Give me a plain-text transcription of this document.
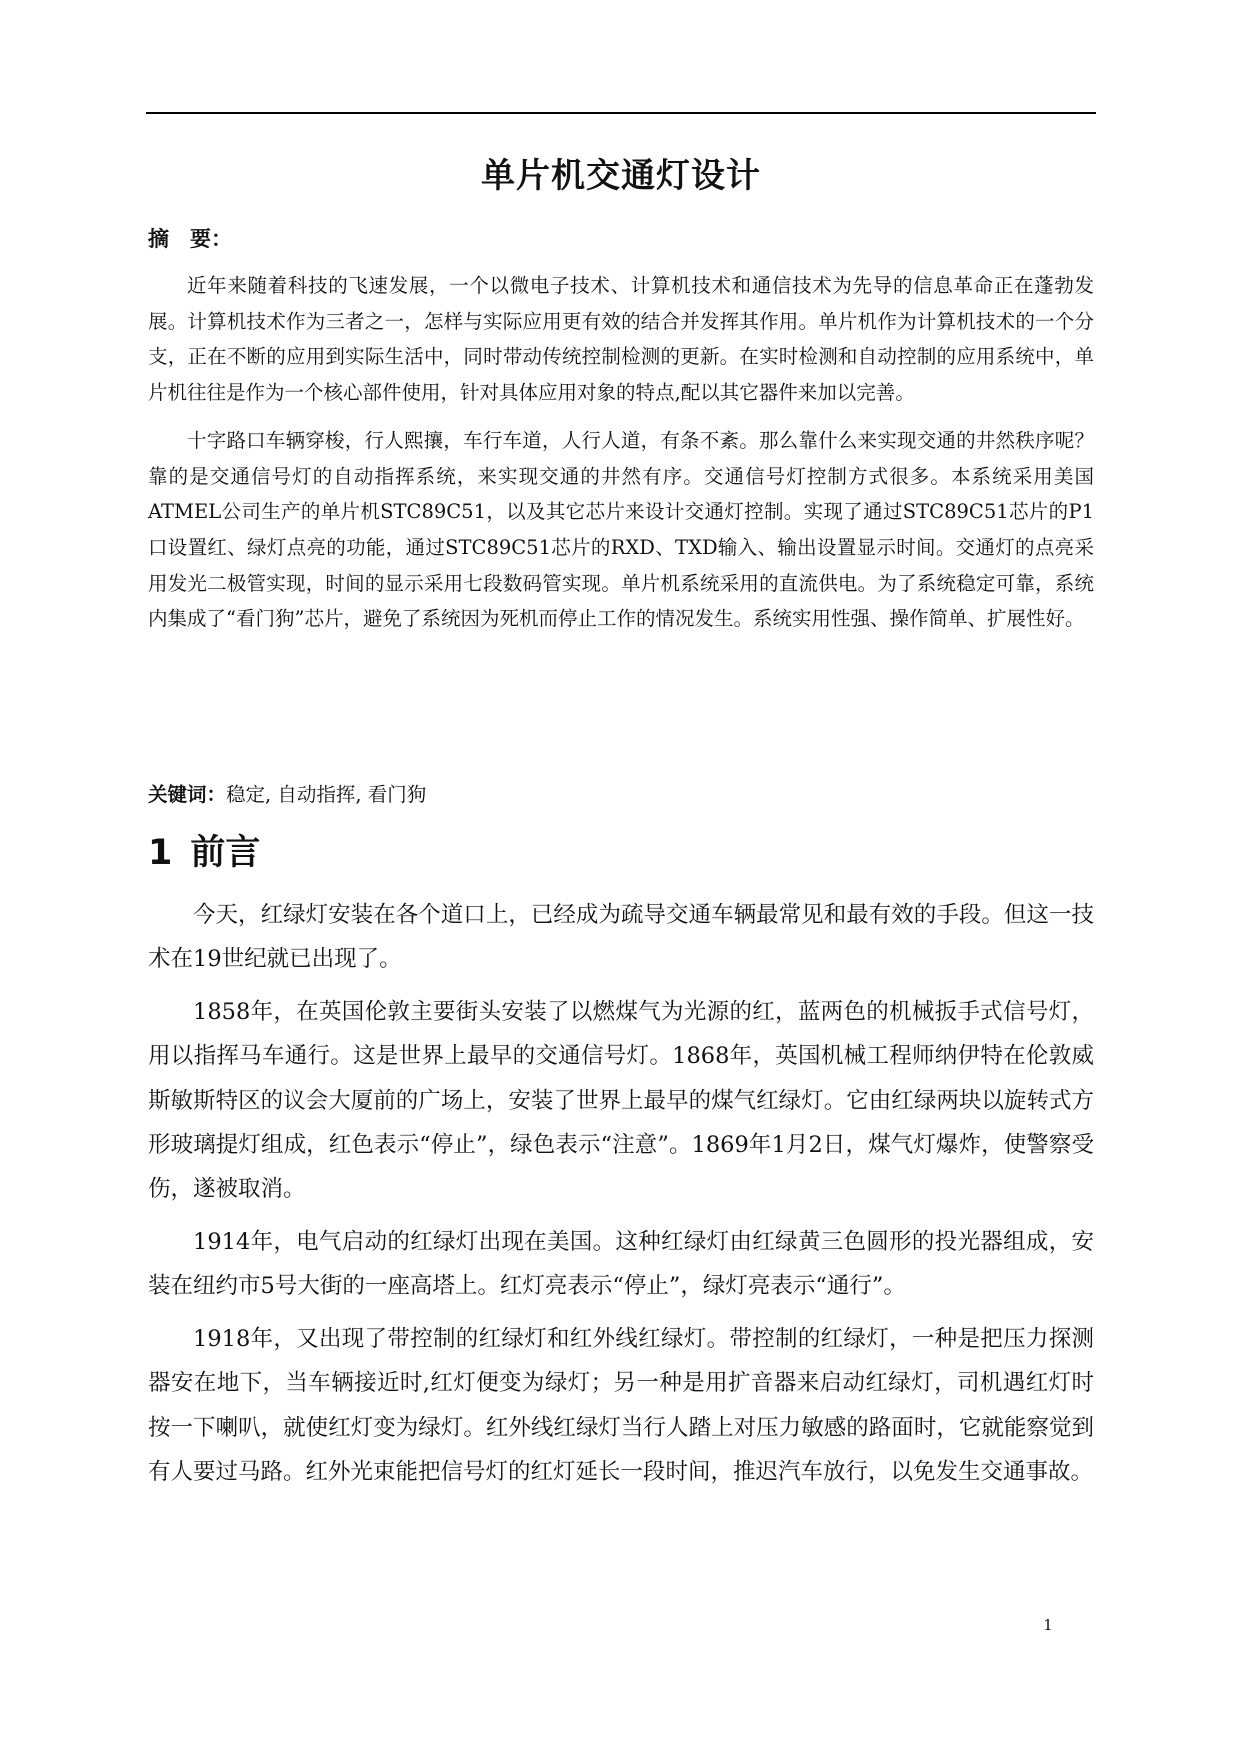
单片机交通灯设计
摘　要：

近年来随着科技的飞速发展，一个以微电子技术、计算机技术和通信技术为先导的信息革命正在蓬勃发展。计算机技术作为三者之一，怎样与实际应用更有效的结合并发挥其作用。单片机作为计算机技术的一个分支，正在不断的应用到实际生活中，同时带动传统控制检测的更新。在实时检测和自动控制的应用系统中，单片机往往是作为一个核心部件使用，针对具体应用对象的特点,配以其它器件来加以完善。

十字路口车辆穿梭，行人熙攘，车行车道，人行人道，有条不紊。那么靠什么来实现交通的井然秩序呢？靠的是交通信号灯的自动指挥系统，来实现交通的井然有序。交通信号灯控制方式很多。本系统采用美国ATMEL公司生产的单片机STC89C51，以及其它芯片来设计交通灯控制。实现了通过STC89C51芯片的P1口设置红、绿灯点亮的功能，通过STC89C51芯片的RXD、TXD输入、输出设置显示时间。交通灯的点亮采用发光二极管实现，时间的显示采用七段数码管实现。单片机系统采用的直流供电。为了系统稳定可靠，系统内集成了“看门狗”芯片，避免了系统因为死机而停止工作的情况发生。系统实用性强、操作简单、扩展性好。

关键词：稳定, 自动指挥, 看门狗
1 前言

今天，红绿灯安装在各个道口上，已经成为疏导交通车辆最常见和最有效的手段。但这一技术在19世纪就已出现了。

1858年，在英国伦敦主要街头安装了以燃煤气为光源的红，蓝两色的机械扳手式信号灯，用以指挥马车通行。这是世界上最早的交通信号灯。1868年，英国机械工程师纳伊特在伦敦威斯敏斯特区的议会大厦前的广场上，安装了世界上最早的煤气红绿灯。它由红绿两块以旋转式方形玻璃提灯组成，红色表示“停止”，绿色表示“注意”。1869年1月2日，煤气灯爆炸，使警察受伤，遂被取消。

1914年，电气启动的红绿灯出现在美国。这种红绿灯由红绿黄三色圆形的投光器组成，安装在纽约市5号大街的一座高塔上。红灯亮表示“停止”，绿灯亮表示“通行”。

1918年，又出现了带控制的红绿灯和红外线红绿灯。带控制的红绿灯，一种是把压力探测器安在地下，当车辆接近时,红灯便变为绿灯；另一种是用扩音器来启动红绿灯，司机遇红灯时按一下喇叭，就使红灯变为绿灯。红外线红绿灯当行人踏上对压力敏感的路面时，它就能察觉到有人要过马路。红外光束能把信号灯的红灯延长一段时间，推迟汽车放行，以免发生交通事故。

1
